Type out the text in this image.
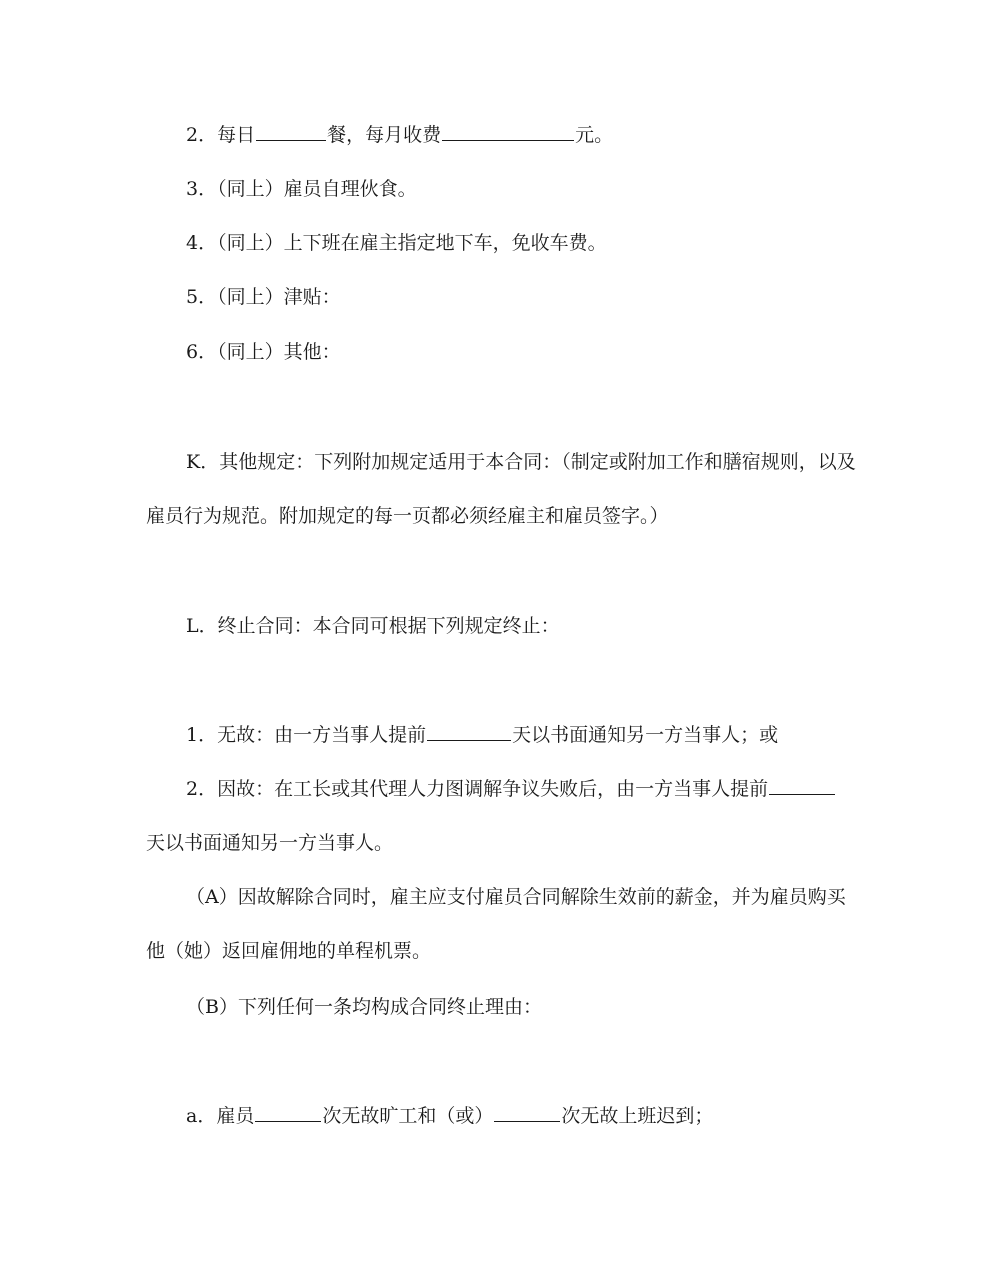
2．每日	餐，每月收费	元。
3．（同上）雇员自理伙食。
4．（同上）上下班在雇主指定地下车，免收车费。
5．（同上）津贴：
6．（同上）其他：
K．其他规定：下列附加规定适用于本合同：（制定或附加工作和膳宿规则，以及
雇员行为规范。附加规定的每一页都必须经雇主和雇员签字。）
L．终止合同：本合同可根据下列规定终止：
1．无故：由一方当事人提前	天以书面通知另一方当事人；或
2．因故：在工长或其代理人力图调解争议失败后，由一方当事人提前
天以书面通知另一方当事人。
（A）因故解除合同时，雇主应支付雇员合同解除生效前的薪金，并为雇员购买
他（她）返回雇佣地的单程机票。
（B）下列任何一条均构成合同终止理由：
a．雇员	次无故旷工和（或）	次无故上班迟到；
